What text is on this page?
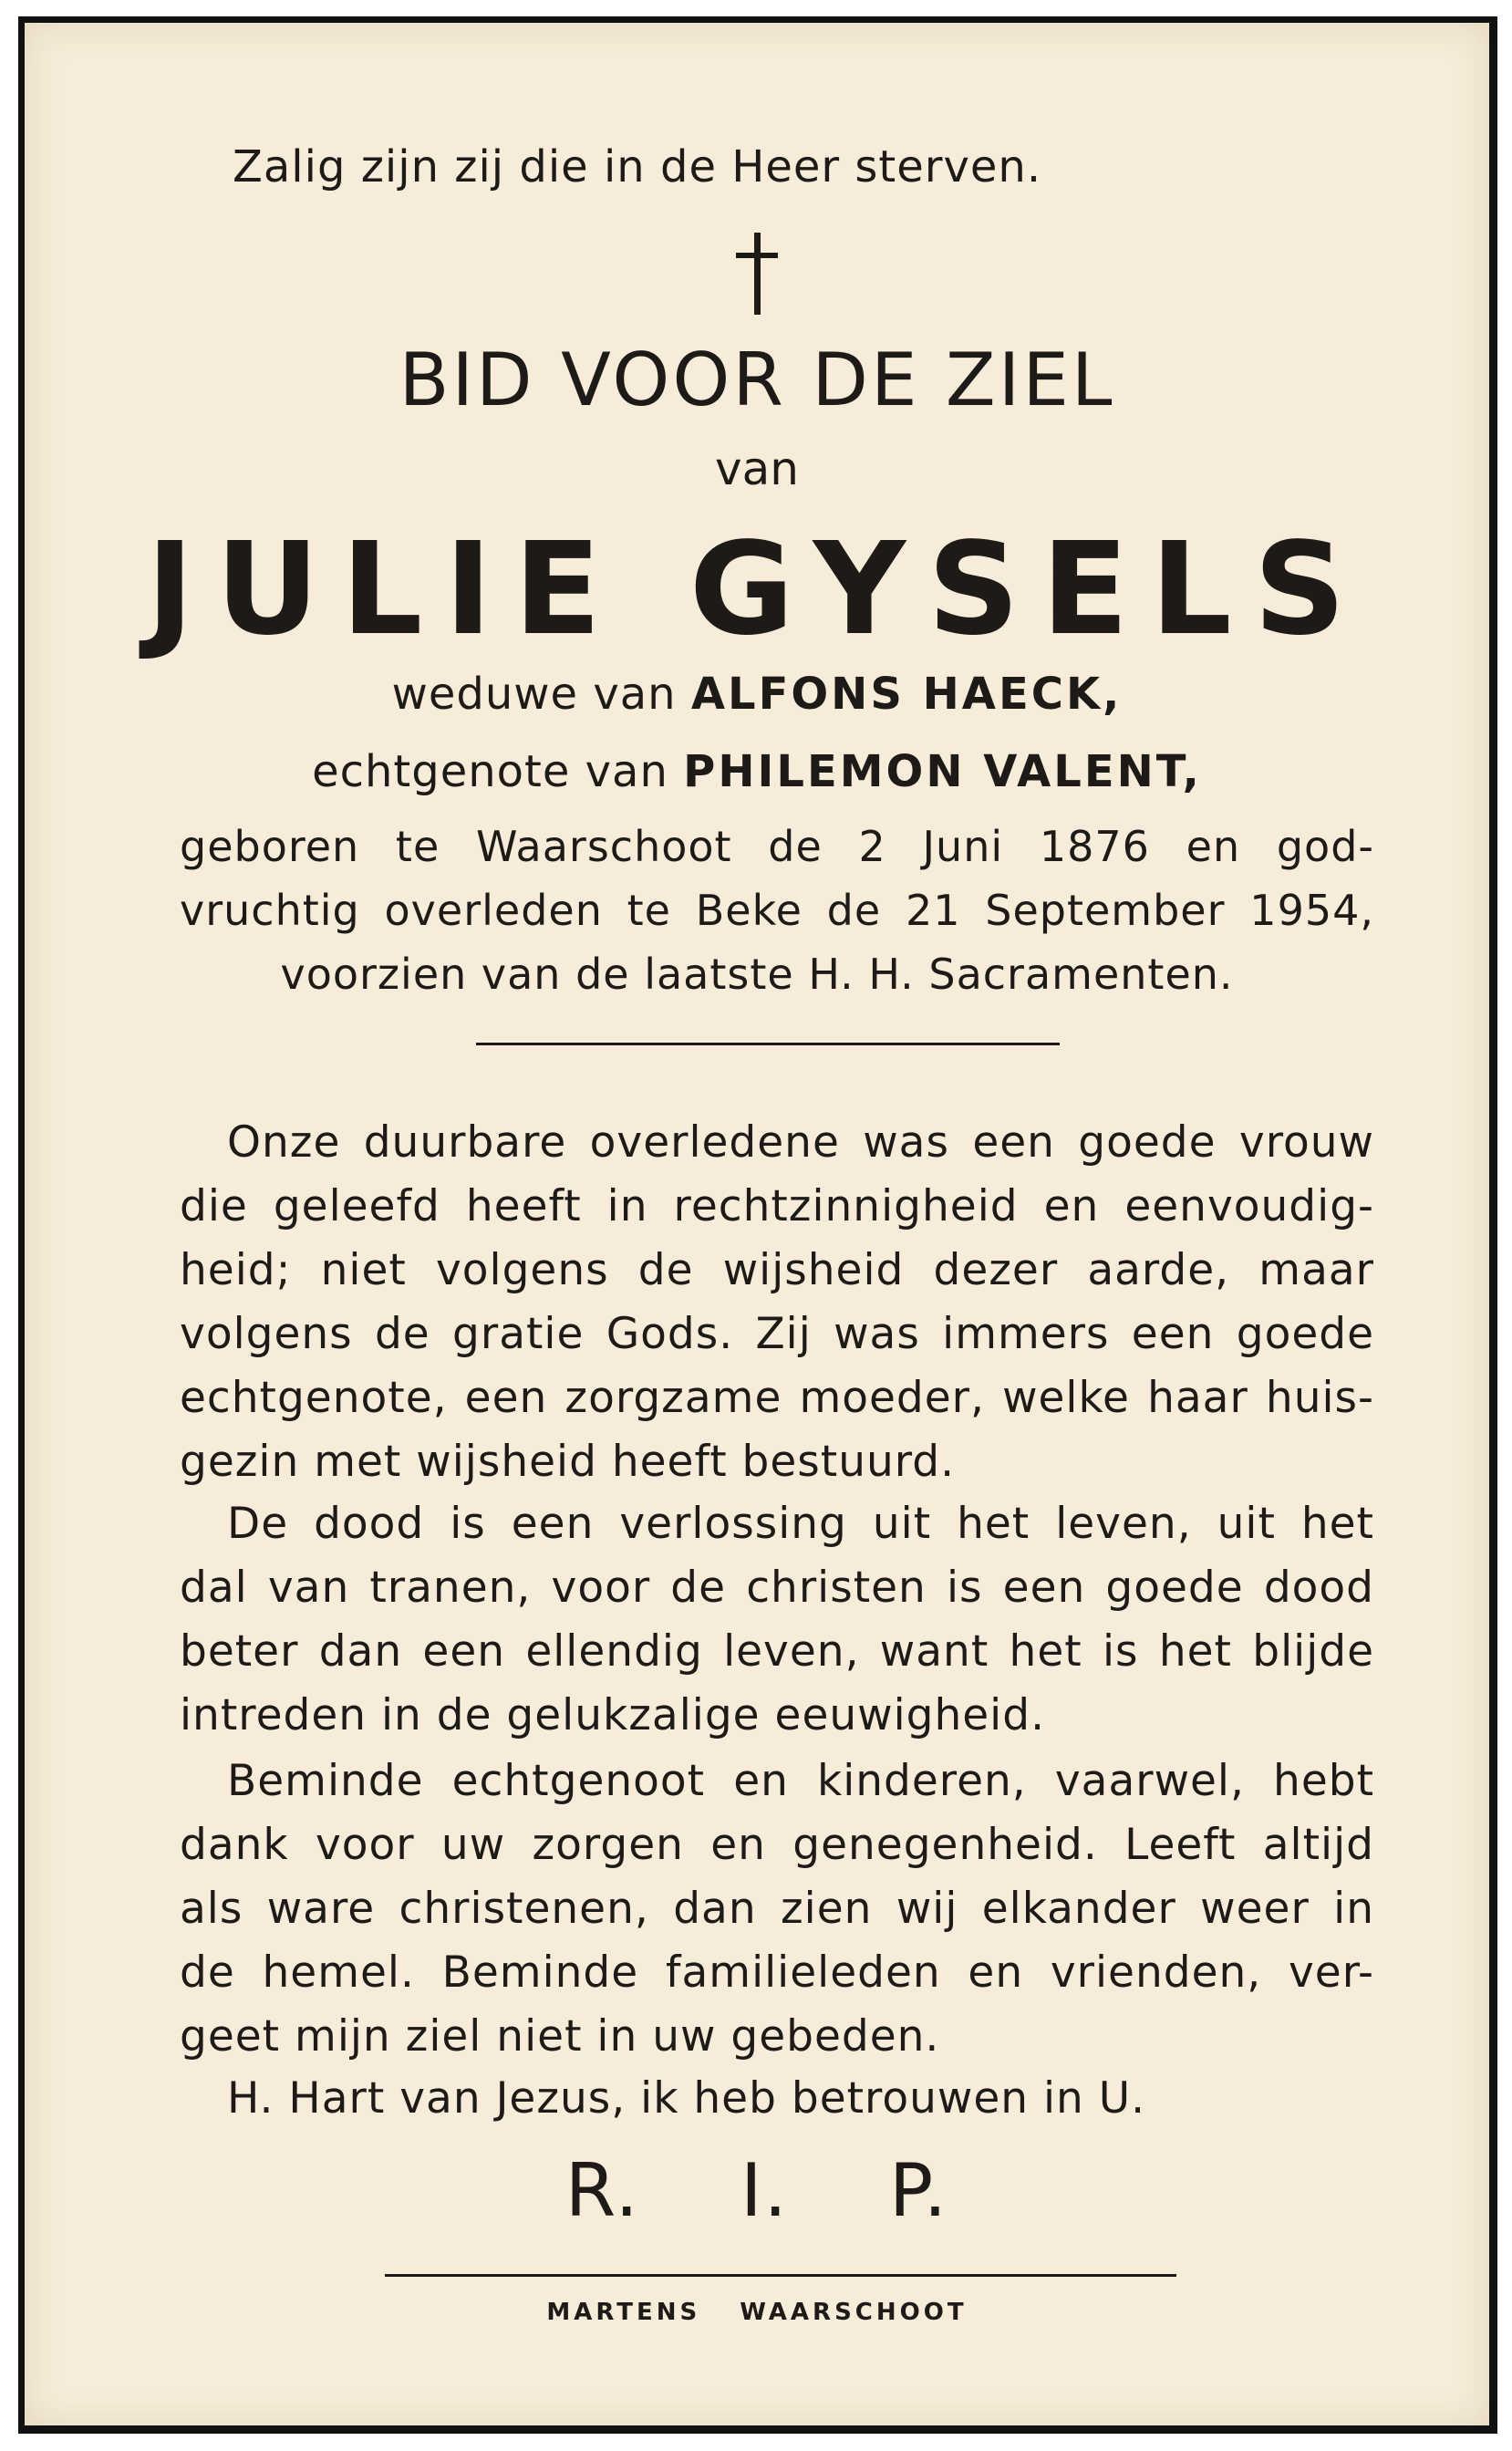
Zalig zijn zij die in de Heer sterven.

BID VOOR DE ZIEL

van

JULIE GYSELS

weduwe van ALFONS HAECK,

echtgenote van PHILEMON VALENT,

geboren te Waarschoot de 2 Juni 1876 en god-

vruchtig overleden te Beke de 21 September 1954,

voorzien van de laatste H. H. Sacramenten.

Onze duurbare overledene was een goede vrouw

die geleefd heeft in rechtzinnigheid en eenvoudig-

heid; niet volgens de wijsheid dezer aarde, maar

volgens de gratie Gods. Zij was immers een goede

echtgenote, een zorgzame moeder, welke haar huis-

gezin met wijsheid heeft bestuurd.

De dood is een verlossing uit het leven, uit het

dal van tranen, voor de christen is een goede dood

beter dan een ellendig leven, want het is het blijde

intreden in de gelukzalige eeuwigheid.

Beminde echtgenoot en kinderen, vaarwel, hebt

dank voor uw zorgen en genegenheid. Leeft altijd

als ware christenen, dan zien wij elkander weer in

de hemel. Beminde familieleden en vrienden, ver-

geet mijn ziel niet in uw gebeden.

H. Hart van Jezus, ik heb betrouwen in U.

R. I. P.

MARTENS WAARSCHOOT
